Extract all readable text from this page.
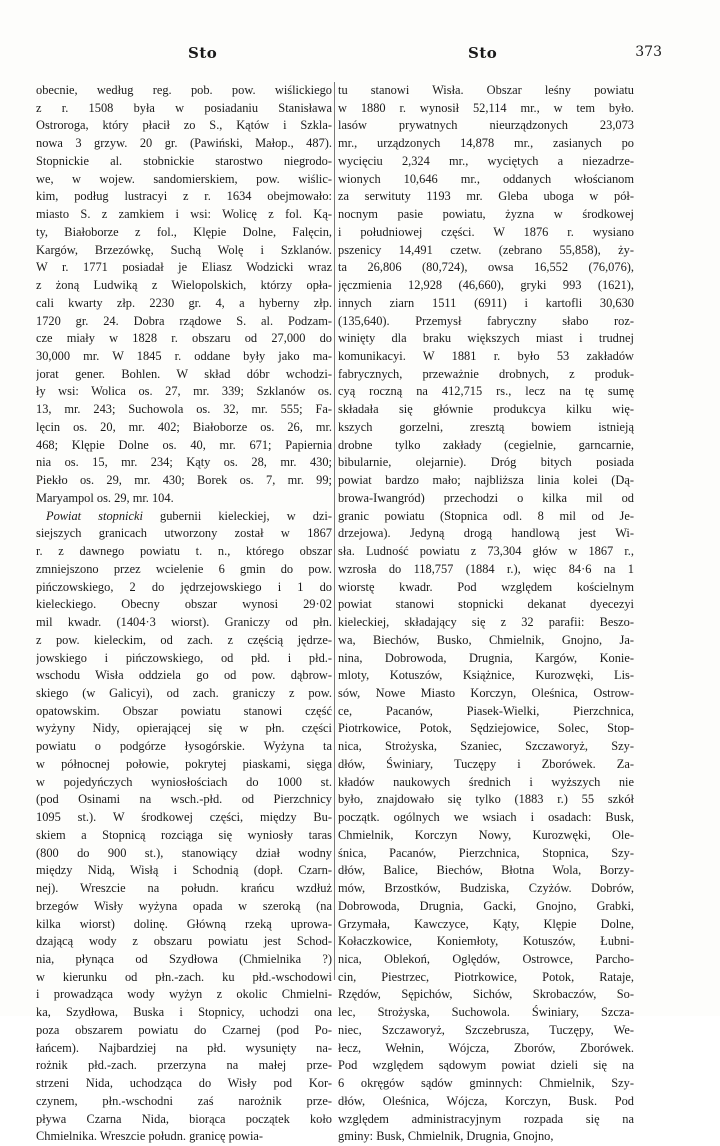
Sto	Sto	373
obecnie, według reg. pob. pow. wiślickiego
z r. 1508 była w posiadaniu Stanisława
Ostroroga, który płacił zo S., Kątów i Szkla-
nowa 3 grzyw. 20 gr. (Pawiński, Małop., 487).
Stopnickie al. stobnickie starostwo niegrodo-
we, w wojew. sandomierskiem, pow. wiślic-
kim, podług lustracyi z r. 1634 obejmowało:
miasto S. z zamkiem i wsi: Wolicę z fol. Ką-
ty, Białoborze z fol., Klępie Dolne, Falęcin,
Kargów, Brzezówkę, Suchą Wolę i Szklanów.
W r. 1771 posiadał je Eliasz Wodzicki wraz
z żoną Ludwiką z Wielopolskich, którzy opła-
cali kwarty złp. 2230 gr. 4, a hyberny złp.
1720 gr. 24. Dobra rządowe S. al. Podzam-
cze miały w 1828 r. obszaru od 27,000 do
30,000 mr. W 1845 r. oddane były jako ma-
jorat gener. Bohlen. W skład dóbr wchodzi-
ły wsi: Wolica os. 27, mr. 339; Szklanów os.
13, mr. 243; Suchowola os. 32, mr. 555; Fa-
lęcin os. 20, mr. 402; Białoborze os. 26, mr.
468; Klępie Dolne os. 40, mr. 671; Papiernia
nia os. 15, mr. 234; Kąty os. 28, mr. 430;
Piekło os. 29, mr. 430; Borek os. 7, mr. 99;
Maryampol os. 29, mr. 104.
Powiat stopnicki gubernii kieleckiej, w dzi-
siejszych granicach utworzony został w 1867
r. z dawnego powiatu t. n., którego obszar
zmniejszono przez wcielenie 6 gmin do pow.
pińczowskiego, 2 do jędrzejowskiego i 1 do
kieleckiego. Obecny obszar wynosi 29·02
mil kwadr. (1404·3 wiorst). Graniczy od płn.
z pow. kieleckim, od zach. z częścią jędrze-
jowskiego i pińczowskiego, od płd. i płd.-
wschodu Wisła oddziela go od pow. dąbrow-
skiego (w Galicyi), od zach. graniczy z pow.
opatowskim. Obszar powiatu stanowi część
wyżyny Nidy, opierającej się w płn. części
powiatu o podgórze łysogórskie. Wyżyna ta
w północnej połowie, pokrytej piaskami, sięga
w pojedyńczych wyniosłościach do 1000 st.
(pod Osinami na wsch.-płd. od Pierzchnicy
1095 st.). W środkowej części, między Bu-
skiem a Stopnicą rozciąga się wyniosły taras
(800 do 900 st.), stanowiący dział wodny
między Nidą, Wisłą i Schodnią (dopł. Czarn-
nej). Wreszcie na połudn. krańcu wzdłuż
brzegów Wisły wyżyna opada w szeroką (na
kilka wiorst) dolinę. Główną rzeką uprowa-
dzającą wody z obszaru powiatu jest Schod-
nia, płynąca od Szydłowa (Chmielnika ?)
w kierunku od płn.-zach. ku płd.-wschodowi
i prowadząca wody wyżyn z okolic Chmielni-
ka, Szydłowa, Buska i Stopnicy, uchodzi ona
poza obszarem powiatu do Czarnej (pod Po-
łańcem). Najbardziej na płd. wysunięty na-
rożnik płd.-zach. przerzyna na małej prze-
strzeni Nida, uchodząca do Wisły pod Kor-
czynem, płn.-wschodni zaś narożnik prze-
pływa Czarna Nida, biorąca początek koło
Chmielnika. Wreszcie połudn. granicę powia-
tu stanowi Wisła. Obszar leśny powiatu
w 1880 r. wynosił 52,114 mr., w tem było.
lasów prywatnych nieurządzonych 23,073
mr., urządzonych 14,878 mr., zasianych po
wycięciu 2,324 mr., wyciętych a niezadrze-
wionych 10,646 mr., oddanych włościanom
za serwituty 1193 mr. Gleba uboga w pół-
nocnym pasie powiatu, żyzna w środkowej
i południowej części. W 1876 r. wysiano
pszenicy 14,491 czetw. (zebrano 55,858), ży-
ta 26,806 (80,724), owsa 16,552 (76,076),
jęczmienia 12,928 (46,660), gryki 993 (1621),
innych ziarn 1511 (6911) i kartofli 30,630
(135,640). Przemysł fabryczny słabo roz-
winięty dla braku większych miast i trudnej
komunikacyi. W 1881 r. było 53 zakładów
fabrycznych, przeważnie drobnych, z produk-
cyą roczną na 412,715 rs., lecz na tę sumę
składała się głównie produkcya kilku wię-
kszych gorzelni, zresztą bowiem istnieją
drobne tylko zakłady (cegielnie, garncarnie,
bibularnie, olejarnie). Dróg bitych posiada
powiat bardzo mało; najbliższa linia kolei (Dą-
browa-Iwangród) przechodzi o kilka mil od
granic powiatu (Stopnica odl. 8 mil od Je-
drzejowa). Jedyną drogą handlową jest Wi-
sła. Ludność powiatu z 73,304 głów w 1867 r.,
wzrosła do 118,757 (1884 r.), więc 84·6 na 1
wiorstę kwadr. Pod względem kościelnym
powiat stanowi stopnicki dekanat dyecezyi
kieleckiej, składający się z 32 parafii: Beszo-
wa, Biechów, Busko, Chmielnik, Gnojno, Ja-
nina, Dobrowoda, Drugnia, Kargów, Konie-
mloty, Kotuszów, Książnice, Kurozwęki, Lis-
sów, Nowe Miasto Korczyn, Oleśnica, Ostrow-
ce, Pacanów, Piasek-Wielki, Pierzchnica,
Piotrkowice, Potok, Sędziejowice, Solec, Stop-
nica, Strożyska, Szaniec, Szczaworyż, Szy-
dłów, Świniary, Tuczępy i Zborówek. Za-
kładów naukowych średnich i wyższych nie
było, znajdowało się tylko (1883 r.) 55 szkół
początk. ogólnych we wsiach i osadach: Busk,
Chmielnik, Korczyn Nowy, Kurozwęki, Ole-
śnica, Pacanów, Pierzchnica, Stopnica, Szy-
dłów, Balice, Biechów, Błotna Wola, Borzy-
mów, Brzostków, Budziska, Czyżów. Dobrów,
Dobrowoda, Drugnia, Gacki, Gnojno, Grabki,
Grzymała, Kawczyce, Kąty, Klępie Dolne,
Kołaczkowice, Koniemłoty, Kotuszów, Łubni-
nica, Oblekoń, Oględów, Ostrowce, Parcho-
cin, Piestrzec, Piotrkowice, Potok, Rataje,
Rzędów, Sępichów, Sichów, Skrobaczów, So-
lec, Strożyska, Suchowola. Świniary, Szcza-
niec, Szczaworyż, Szczebrusza, Tuczępy, We-
łecz, Wełnin, Wójcza, Zborów, Zborówek.
Pod względem sądowym powiat dzieli się na
6 okręgów sądów gminnych: Chmielnik, Szy-
dłów, Oleśnica, Wójcza, Korczyn, Busk. Pod
względem administracyjnym rozpada się na
gminy: Busk, Chmielnik, Drugnia, Gnojno,
